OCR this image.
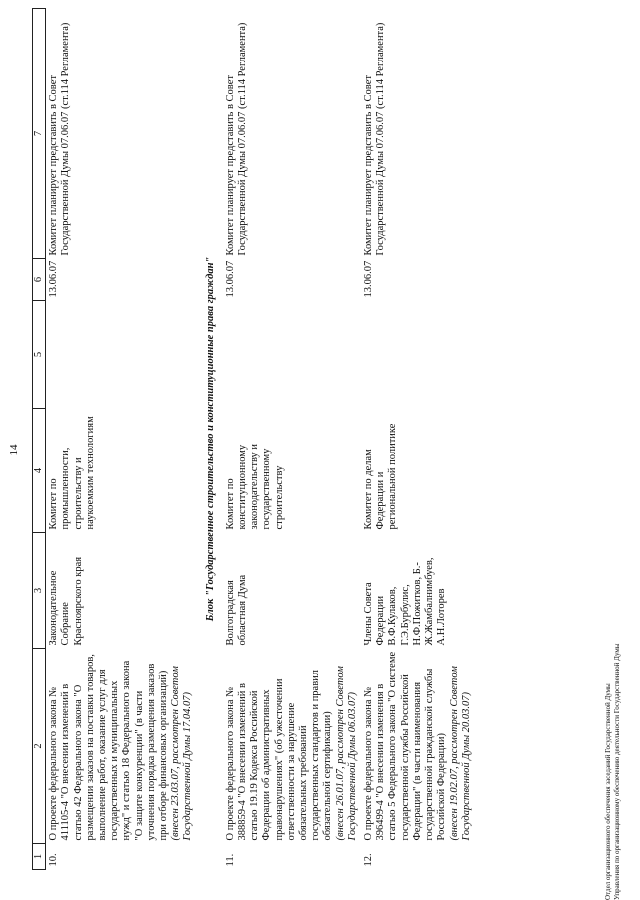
14
1	2	3	4	5	6	7
10.	О проекте федерального закона № 411105-4 "О внесении изменений в статью 42 Федерального закона "О размещении заказов на поставки товаров, выполнение работ, оказание услуг для государственных и муниципальных нужд" и статью 18 Федерального закона "О защите конкуренции" (в части уточнения порядка размещения заказов при отборе финансовых организаций) (внесен 23.03.07, рассмотрен Советом Государственной Думы 17.04.07)	Законодательное Собрание Красноярского края	Комитет по промышленности, строительству и наукоемким технологиям		13.06.07	Комитет планирует представить в Совет Государственной Думы 07.06.07 (ст.114 Регламента)
Блок "Государственное строительство и конституционные права граждан"						
11.	О проекте федерального закона № 388859-4 "О внесении изменений в статью 19.19 Кодекса Российской Федерации об административных правонарушениях" (об ужесточении ответственности за нарушение обязательных требований государственных стандартов и правил обязательной сертификации) (внесен 26.01.07, рассмотрен Советом Государственной Думы 06.03.07)	Волгоградская областная Дума	Комитет по конституционному законодательству и государственному строительству		13.06.07	Комитет планирует представить в Совет Государственной Думы 07.06.07 (ст.114 Регламента)
12.	О проекте федерального закона № 396499-4 "О внесении изменения в статью 5 Федерального закона "О системе государственной службы Российской Федерации" (в части наименования государственной гражданской службы Российской Федерации) (внесен 19.02.07, рассмотрен Советом Государственной Думы 20.03.07)	Члены Совета Федерации В.Ф.Кулаков, Г.Э.Бурбулис, Н.Ф.Пожитков, Б.-Ж.Жамбалнимбуев, А.Н.Лоторев	Комитет по делам Федерации и региональной политике		13.06.07	Комитет планирует представить в Совет Государственной Думы 07.06.07 (ст.114 Регламента)
Отдел организационного обеспечения заседаний Государственной Думы Управления по организационному обеспечению деятельности Государственной Думы
